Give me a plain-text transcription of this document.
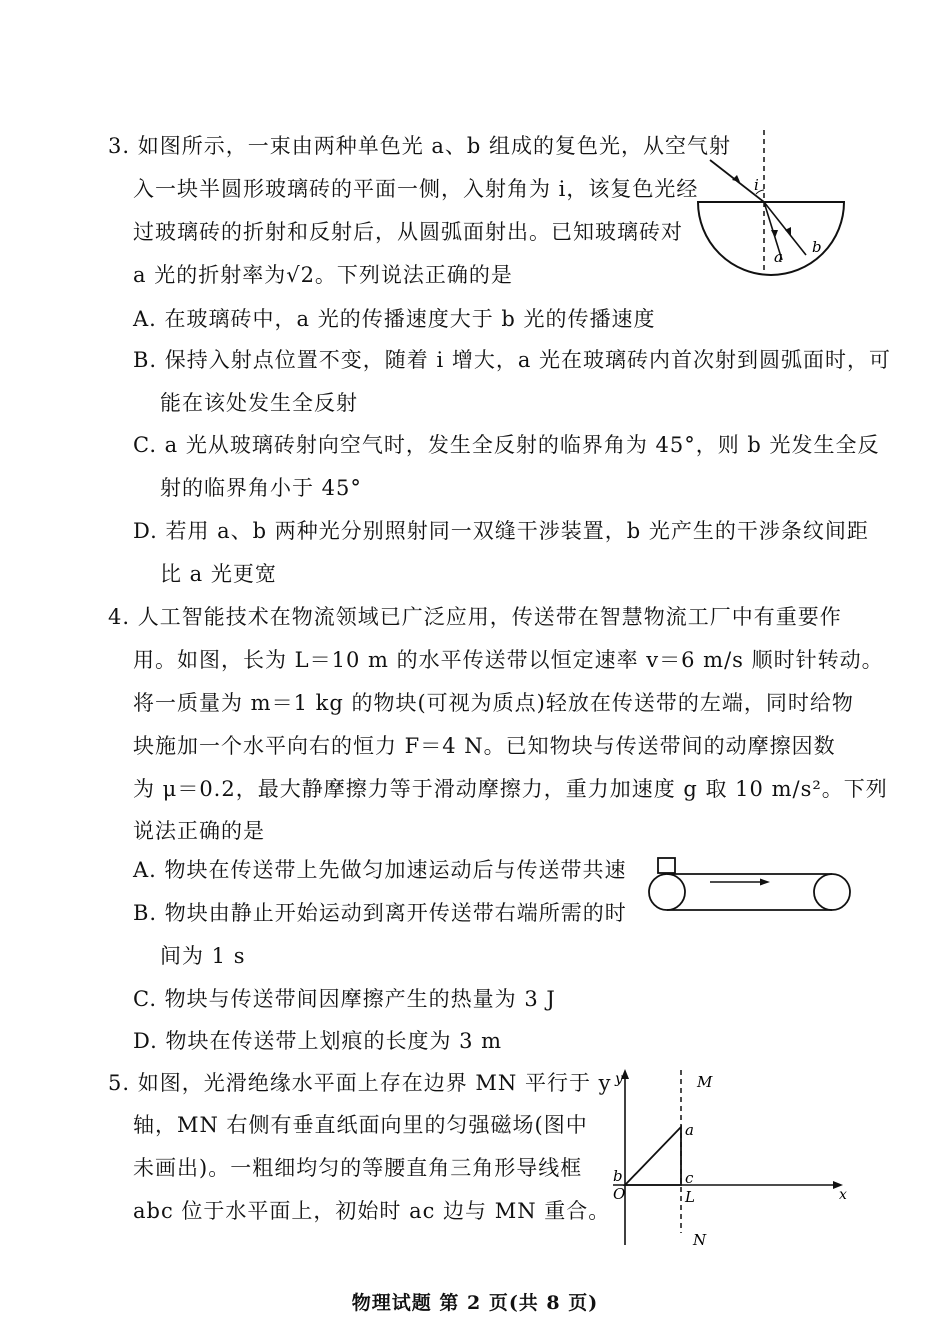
3. 如图所示，一束由两种单色光 a、b 组成的复色光，从空气射
入一块半圆形玻璃砖的平面一侧，入射角为 i，该复色光经
过玻璃砖的折射和反射后，从圆弧面射出。已知玻璃砖对
a 光的折射率为√2。下列说法正确的是
A. 在玻璃砖中，a 光的传播速度大于 b 光的传播速度
B. 保持入射点位置不变，随着 i 增大，a 光在玻璃砖内首次射到圆弧面时，可
能在该处发生全反射
C. a 光从玻璃砖射向空气时，发生全反射的临界角为 45°，则 b 光发生全反
射的临界角小于 45°
D. 若用 a、b 两种光分别照射同一双缝干涉装置，b 光产生的干涉条纹间距
比 a 光更宽
i
a
b
4. 人工智能技术在物流领域已广泛应用，传送带在智慧物流工厂中有重要作
用。如图，长为 L＝10 m 的水平传送带以恒定速率 v＝6 m/s 顺时针转动。
将一质量为 m＝1 kg 的物块(可视为质点)轻放在传送带的左端，同时给物
块施加一个水平向右的恒力 F＝4 N。已知物块与传送带间的动摩擦因数
为 μ＝0.2，最大静摩擦力等于滑动摩擦力，重力加速度 g 取 10 m/s²。下列
说法正确的是
A. 物块在传送带上先做匀加速运动后与传送带共速
B. 物块由静止开始运动到离开传送带右端所需的时
间为 1 s
C. 物块与传送带间因摩擦产生的热量为 3 J
D. 物块在传送带上划痕的长度为 3 m
5. 如图，光滑绝缘水平面上存在边界 MN 平行于 y
轴，MN 右侧有垂直纸面向里的匀强磁场(图中
未画出)。一粗细均匀的等腰直角三角形导线框
abc 位于水平面上，初始时 ac 边与 MN 重合。
y
x
O
M
N
a
b	c
L
物理试题 第 2 页(共 8 页)
